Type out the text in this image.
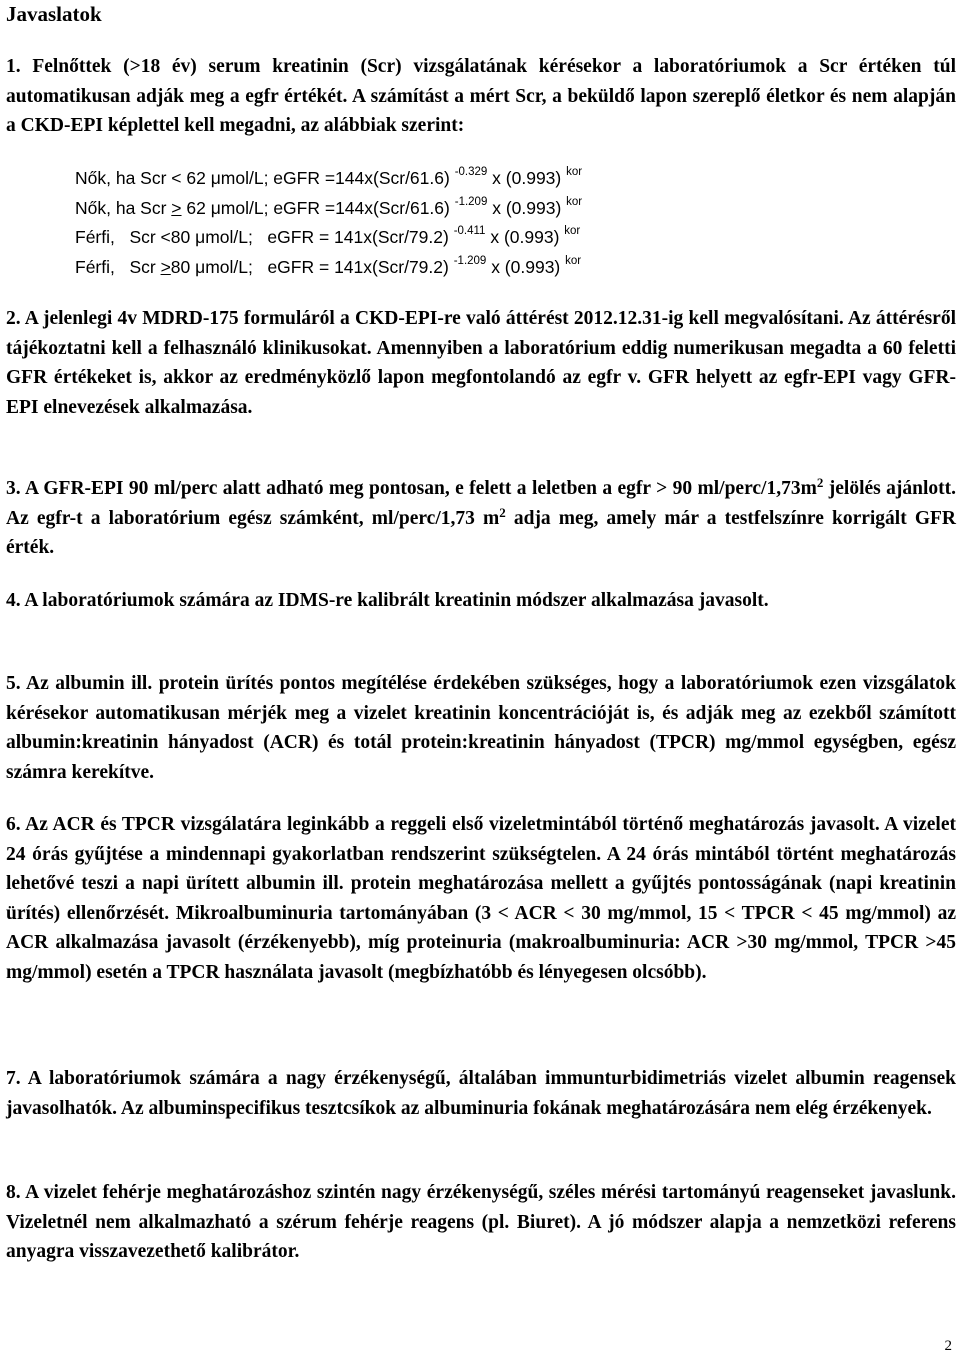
Javaslatok
1. Felnőttek (>18 év) serum kreatinin (Scr) vizsgálatának kérésekor a laboratóriumok a Scr értéken túl automatikusan adják meg a egfr értékét. A számítást a mért Scr, a beküldő lapon szereplő életkor és nem alapján a CKD-EPI képlettel kell megadni, az alábbiak szerint:
Nők, ha Scr < 62 μmol/L; eGFR =144x(Scr/61.6) $^{-0.329}$ x (0.993) $^{kor}$
Nők, ha Scr > 62 μmol/L; eGFR =144x(Scr/61.6) $^{-1.209}$ x (0.993) $^{kor}$
Férfi,   Scr <80 μmol/L;   eGFR = 141x(Scr/79.2) $^{-0.411}$ x (0.993) $^{kor}$
Férfi,   Scr >80 μmol/L;   eGFR = 141x(Scr/79.2) $^{-1.209}$ x (0.993) $^{kor}$
2. A jelenlegi 4v MDRD-175 formuláról a CKD-EPI-re való áttérést 2012.12.31-ig kell megvalósítani. Az áttérésről tájékoztatni kell a felhasználó klinikusokat. Amennyiben a laboratórium eddig numerikusan megadta a 60 feletti GFR értékeket is, akkor az eredményközlő lapon megfontolandó az egfr v. GFR helyett az egfr-EPI vagy GFR-EPI elnevezések alkalmazása.
3. A GFR-EPI 90 ml/perc alatt adható meg pontosan, e felett a leletben a egfr > 90 $ml/perc/1,73m^2$ jelölés ajánlott. Az egfr-t a laboratórium egész számként, ml/perc/1,73 $m^2$ adja meg, amely már a testfelszínre korrigált GFR érték.
4. A laboratóriumok számára az IDMS-re kalibrált kreatinin módszer alkalmazása javasolt.
5. Az albumin ill. protein ürítés pontos megítélése érdekében szükséges, hogy a laboratóriumok ezen vizsgálatok kérésekor automatikusan mérjék meg a vizelet kreatinin koncentrációját is, és adják meg az ezekből számított albumin:kreatinin hányadost (ACR) és totál protein:kreatinin hányadost (TPCR) mg/mmol egységben, egész számra kerekítve.
6. Az ACR és TPCR vizsgálatára leginkább a reggeli első vizeletmintából történő meghatározás javasolt. A vizelet 24 órás gyűjtése a mindennapi gyakorlatban rendszerint szükségtelen. A 24 órás mintából történt meghatározás lehetővé teszi a napi ürített albumin ill. protein meghatározása mellett a gyűjtés pontosságának (napi kreatinin ürítés) ellenőrzését. Mikroalbuminuria tartományában (3 < ACR < 30 mg/mmol, 15 < TPCR < 45 mg/mmol) az ACR alkalmazása javasolt (érzékenyebb), míg proteinuria (makroalbuminuria: ACR >30 mg/mmol, TPCR >45 mg/mmol) esetén a TPCR használata javasolt (megbízhatóbb és lényegesen olcsóbb).
7. A laboratóriumok számára a nagy érzékenységű, általában immunturbidimetriás vizelet albumin reagensek javasolhatók. Az albuminspecifikus tesztcsíkok az albuminuria fokának meghatározására nem elég érzékenyek.
8. A vizelet fehérje meghatározáshoz szintén nagy érzékenységű, széles mérési tartományú reagenseket javaslunk. Vizeletnél nem alkalmazható a szérum fehérje reagens (pl. Biuret). A jó módszer alapja a nemzetközi referens anyagra visszavezethető kalibrátor.
2
